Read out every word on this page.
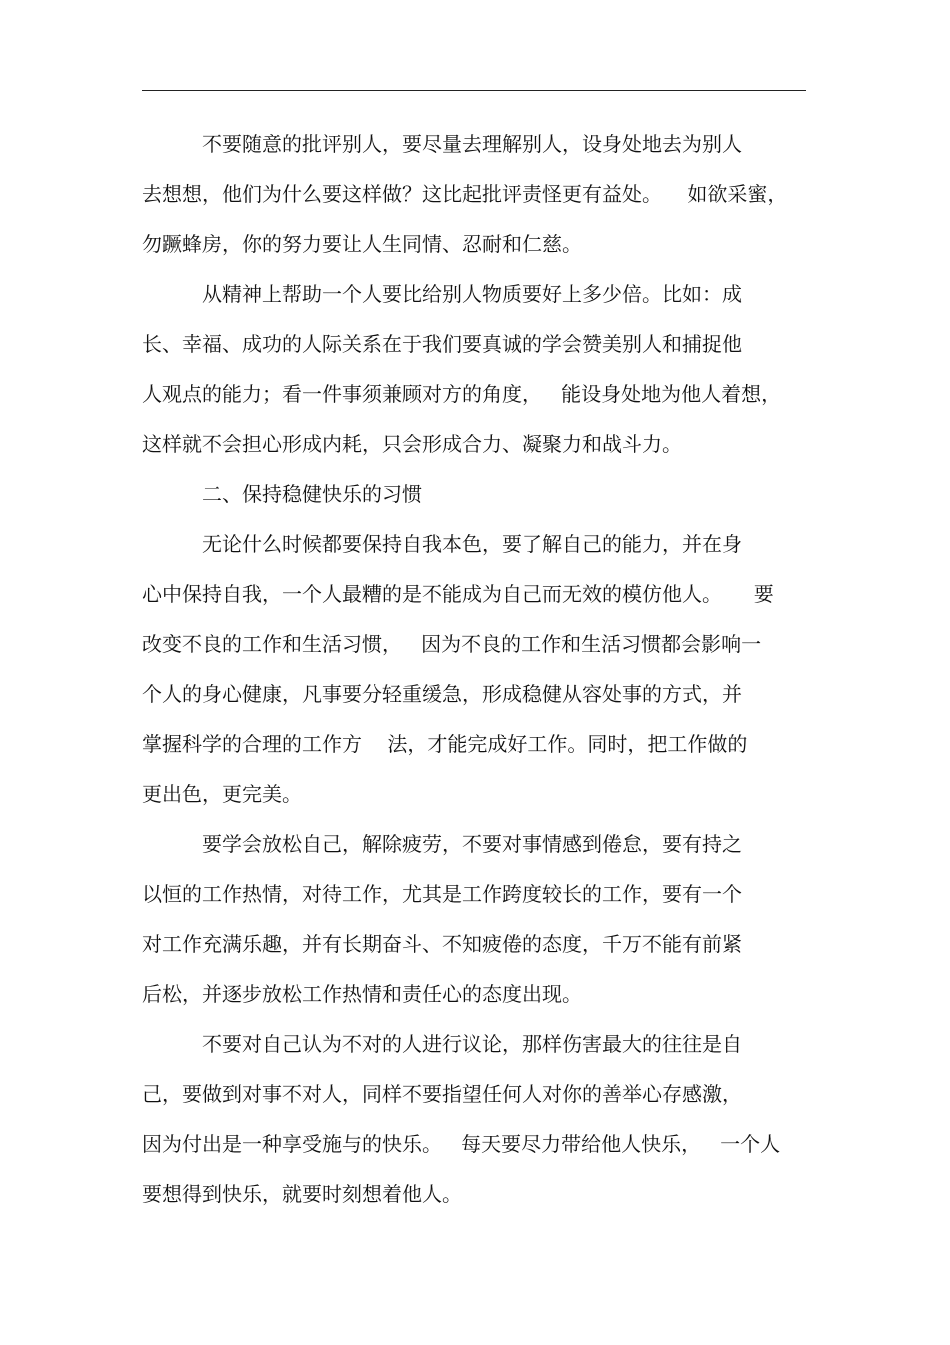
不要随意的批评别人，要尽量去理解别人，设身处地去为别人
去想想，他们为什么要这样做？这比起批评责怪更有益处。    如欲采蜜，
勿蹶蜂房，你的努力要让人生同情、忍耐和仁慈。
从精神上帮助一个人要比给别人物质要好上多少倍。比如：成
长、幸福、成功的人际关系在于我们要真诚的学会赞美别人和捕捉他
人观点的能力；看一件事须兼顾对方的角度，   能设身处地为他人着想，
这样就不会担心形成内耗，只会形成合力、凝聚力和战斗力。
二、保持稳健快乐的习惯
无论什么时候都要保持自我本色，要了解自己的能力，并在身
心中保持自我，一个人最糟的是不能成为自己而无效的模仿他人。     要
改变不良的工作和生活习惯，   因为不良的工作和生活习惯都会影响一
个人的身心健康，凡事要分轻重缓急，形成稳健从容处事的方式，并
掌握科学的合理的工作方    法，才能完成好工作。同时，把工作做的
更出色，更完美。
要学会放松自己，解除疲劳，不要对事情感到倦怠，要有持之
以恒的工作热情，对待工作，尤其是工作跨度较长的工作，要有一个
对工作充满乐趣，并有长期奋斗、不知疲倦的态度，千万不能有前紧
后松，并逐步放松工作热情和责任心的态度出现。
不要对自己认为不对的人进行议论，那样伤害最大的往往是自
己，要做到对事不对人，同样不要指望任何人对你的善举心存感激，
因为付出是一种享受施与的快乐。   每天要尽力带给他人快乐，   一个人
要想得到快乐，就要时刻想着他人。
